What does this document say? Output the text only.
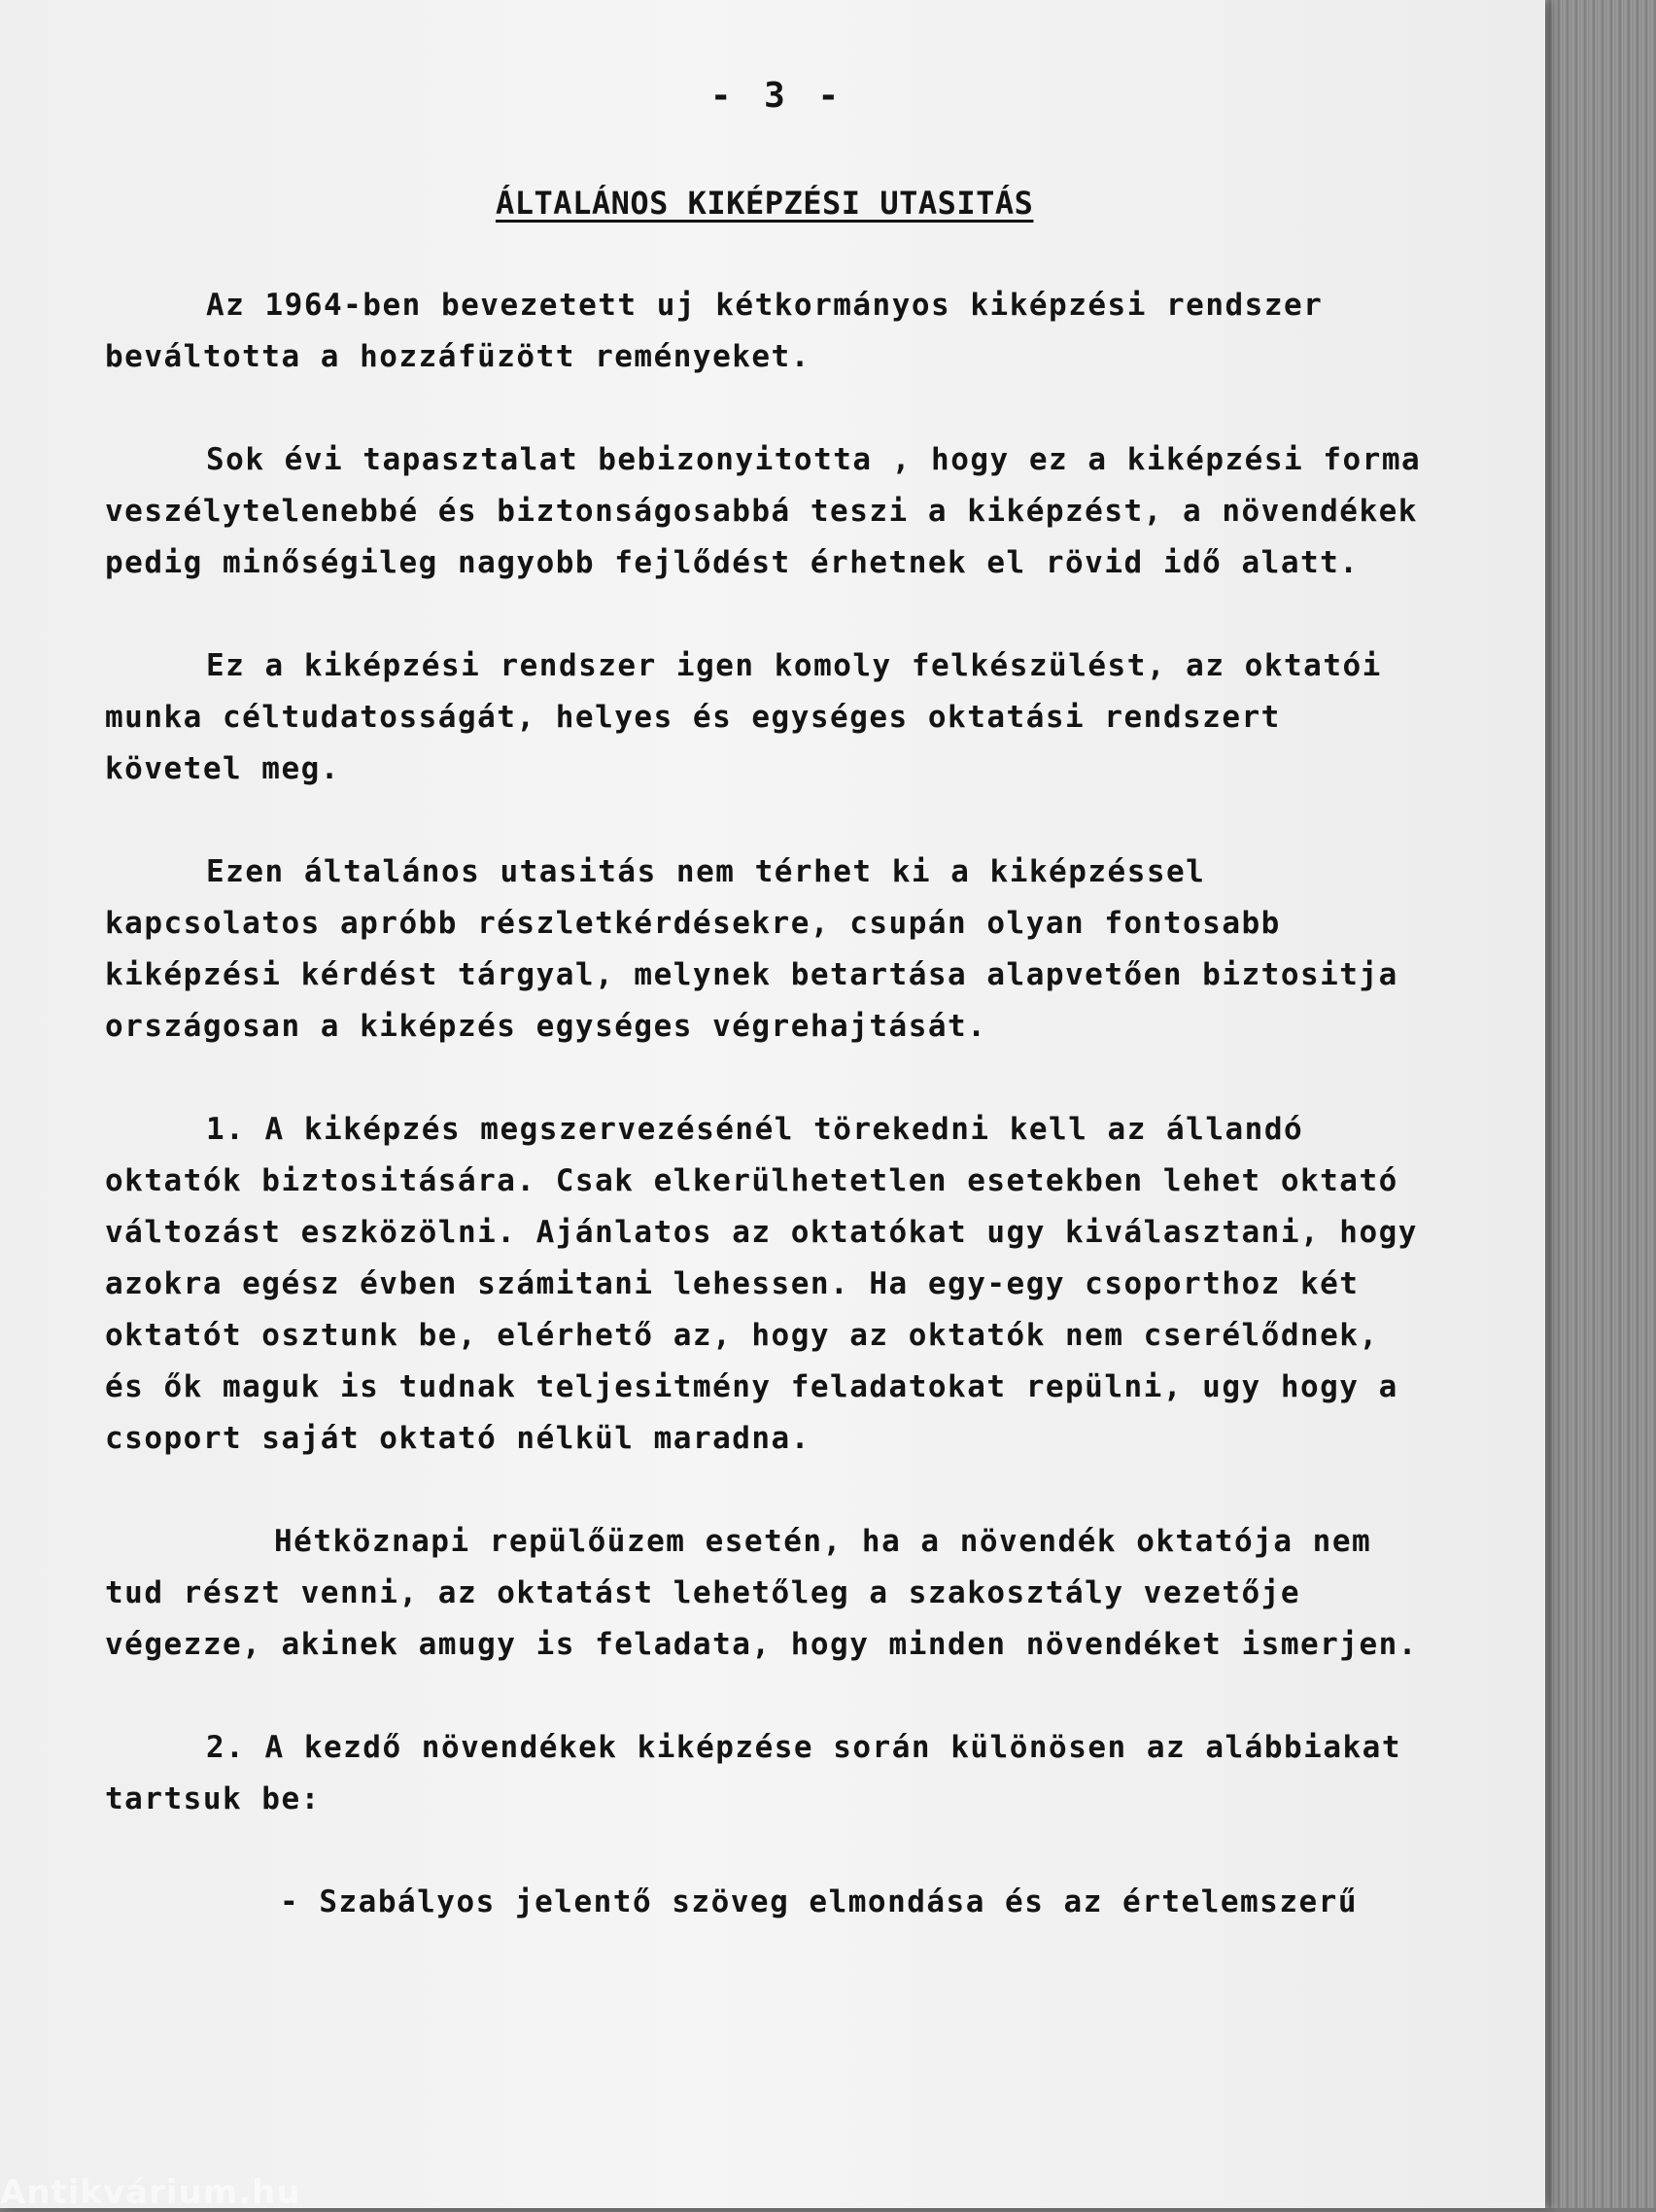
- 3 -
ÁLTALÁNOS KIKÉPZÉSI UTASITÁS

Az 1964-ben bevezetett uj kétkormányos kiképzési rendszer beváltotta a hozzáfüzött reményeket.

Sok évi tapasztalat bebizonyitotta , hogy ez a kiképzési forma veszélytelenebbé és biztonságosabbá teszi a kiképzést, a növendékek pedig minőségileg nagyobb fejlődést érhetnek el rövid idő alatt.

Ez a kiképzési rendszer igen komoly felkészülést, az oktatói munka céltudatosságát, helyes és egységes oktatási rendszert követel meg.

Ezen általános utasitás nem térhet ki a kiképzéssel kapcsolatos apróbb részletkérdésekre, csupán olyan fontosabb kiképzési kérdést tárgyal, melynek betartása alapvetően biztositja országosan a kiképzés egységes végrehajtását.

1. A kiképzés megszervezésénél törekedni kell az állandó oktatók biztositására. Csak elkerülhetetlen esetekben lehet oktató változást eszközölni. Ajánlatos az oktatókat ugy kiválasztani, hogy azokra egész évben számitani lehessen. Ha egy-egy csoporthoz két oktatót osztunk be, elérhető az, hogy az oktatók nem cserélődnek, és ők maguk is tudnak teljesitmény feladatokat repülni, ugy hogy a csoport saját oktató nélkül maradna.

Hétköznapi repülőüzem esetén, ha a növendék oktatója nem tud részt venni, az oktatást lehetőleg a szakosztály vezetője végezze, akinek amugy is feladata, hogy minden növendéket ismerjen.

2. A kezdő növendékek kiképzése során különösen az alábbiakat tartsuk be:

- Szabályos jelentő szöveg elmondása és az értelemszerű

Antikvárium.hu
